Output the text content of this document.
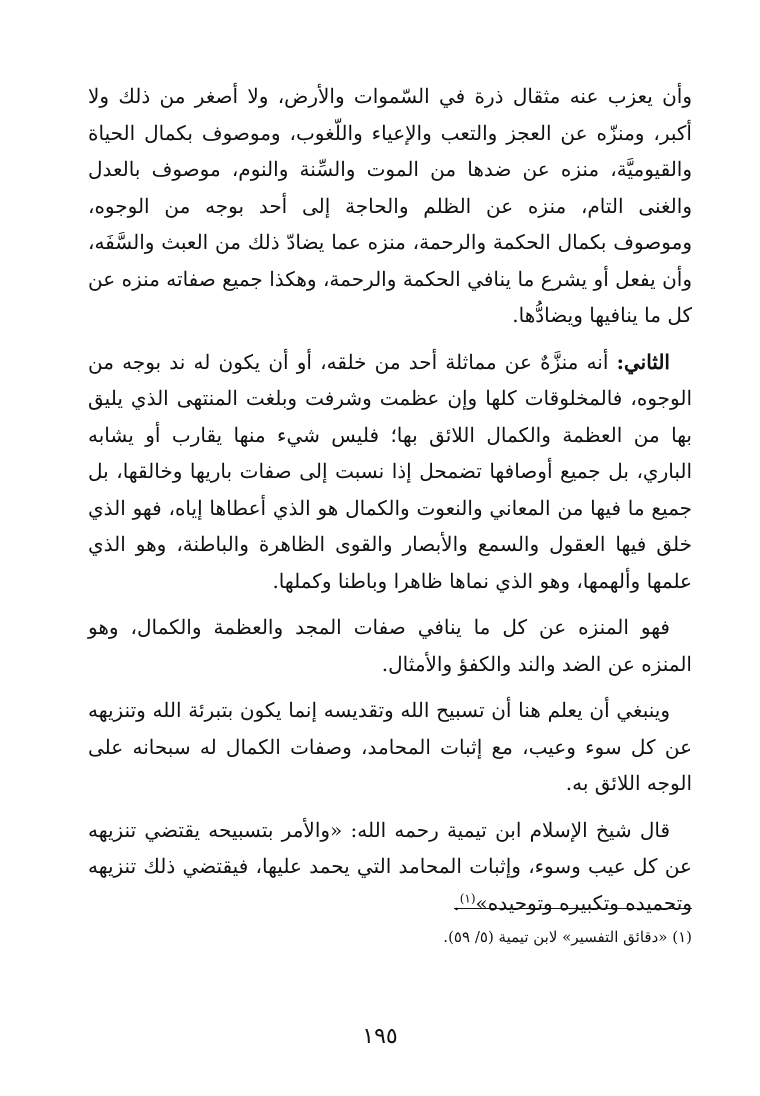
وأن يعزب عنه مثقال ذرة في السّموات والأرض، ولا أصغر من ذلك ولا أكبر، ومنزّه عن العجز والتعب والإعياء واللّغوب، وموصوف بكمال الحياة والقيوميَّة، منزه عن ضدها من الموت والسِّنة والنوم، موصوف بالعدل والغنى التام، منزه عن الظلم والحاجة إلى أحد بوجه من الوجوه، وموصوف بكمال الحكمة والرحمة، منزه عما يضادّ ذلك من العبث والسَّفَه، وأن يفعل أو يشرع ما ينافي الحكمة والرحمة، وهكذا جميع صفاته منزه عن كل ما ينافيها ويضادُّها.

الثاني: أنه منزَّهٌ عن مماثلة أحد من خلقه، أو أن يكون له ند بوجه من الوجوه، فالمخلوقات كلها وإن عظمت وشرفت وبلغت المنتهى الذي يليق بها من العظمة والكمال اللائق بها؛ فليس شيء منها يقارب أو يشابه الباري، بل جميع أوصافها تضمحل إذا نسبت إلى صفات باريها وخالقها، بل جميع ما فيها من المعاني والنعوت والكمال هو الذي أعطاها إياه، فهو الذي خلق فيها العقول والسمع والأبصار والقوى الظاهرة والباطنة، وهو الذي علمها وألهمها، وهو الذي نماها ظاهرا وباطنا وكملها.

فهو المنزه عن كل ما ينافي صفات المجد والعظمة والكمال، وهو المنزه عن الضد والند والكفؤ والأمثال.

وينبغي أن يعلم هنا أن تسبيح الله وتقديسه إنما يكون بتبرئة الله وتنزيهه عن كل سوء وعيب، مع إثبات المحامد، وصفات الكمال له سبحانه على الوجه اللائق به.

قال شيخ الإسلام ابن تيمية رحمه الله: «والأمر بتسبيحه يقتضي تنزيهه عن كل عيب وسوء، وإثبات المحامد التي يحمد عليها، فيقتضي ذلك تنزيهه وتحميده وتكبيره وتوحيده»$^{(١)}$.

(١) «دقائق التفسير» لابن تيمية (٥/ ٥٩).
١٩٥
